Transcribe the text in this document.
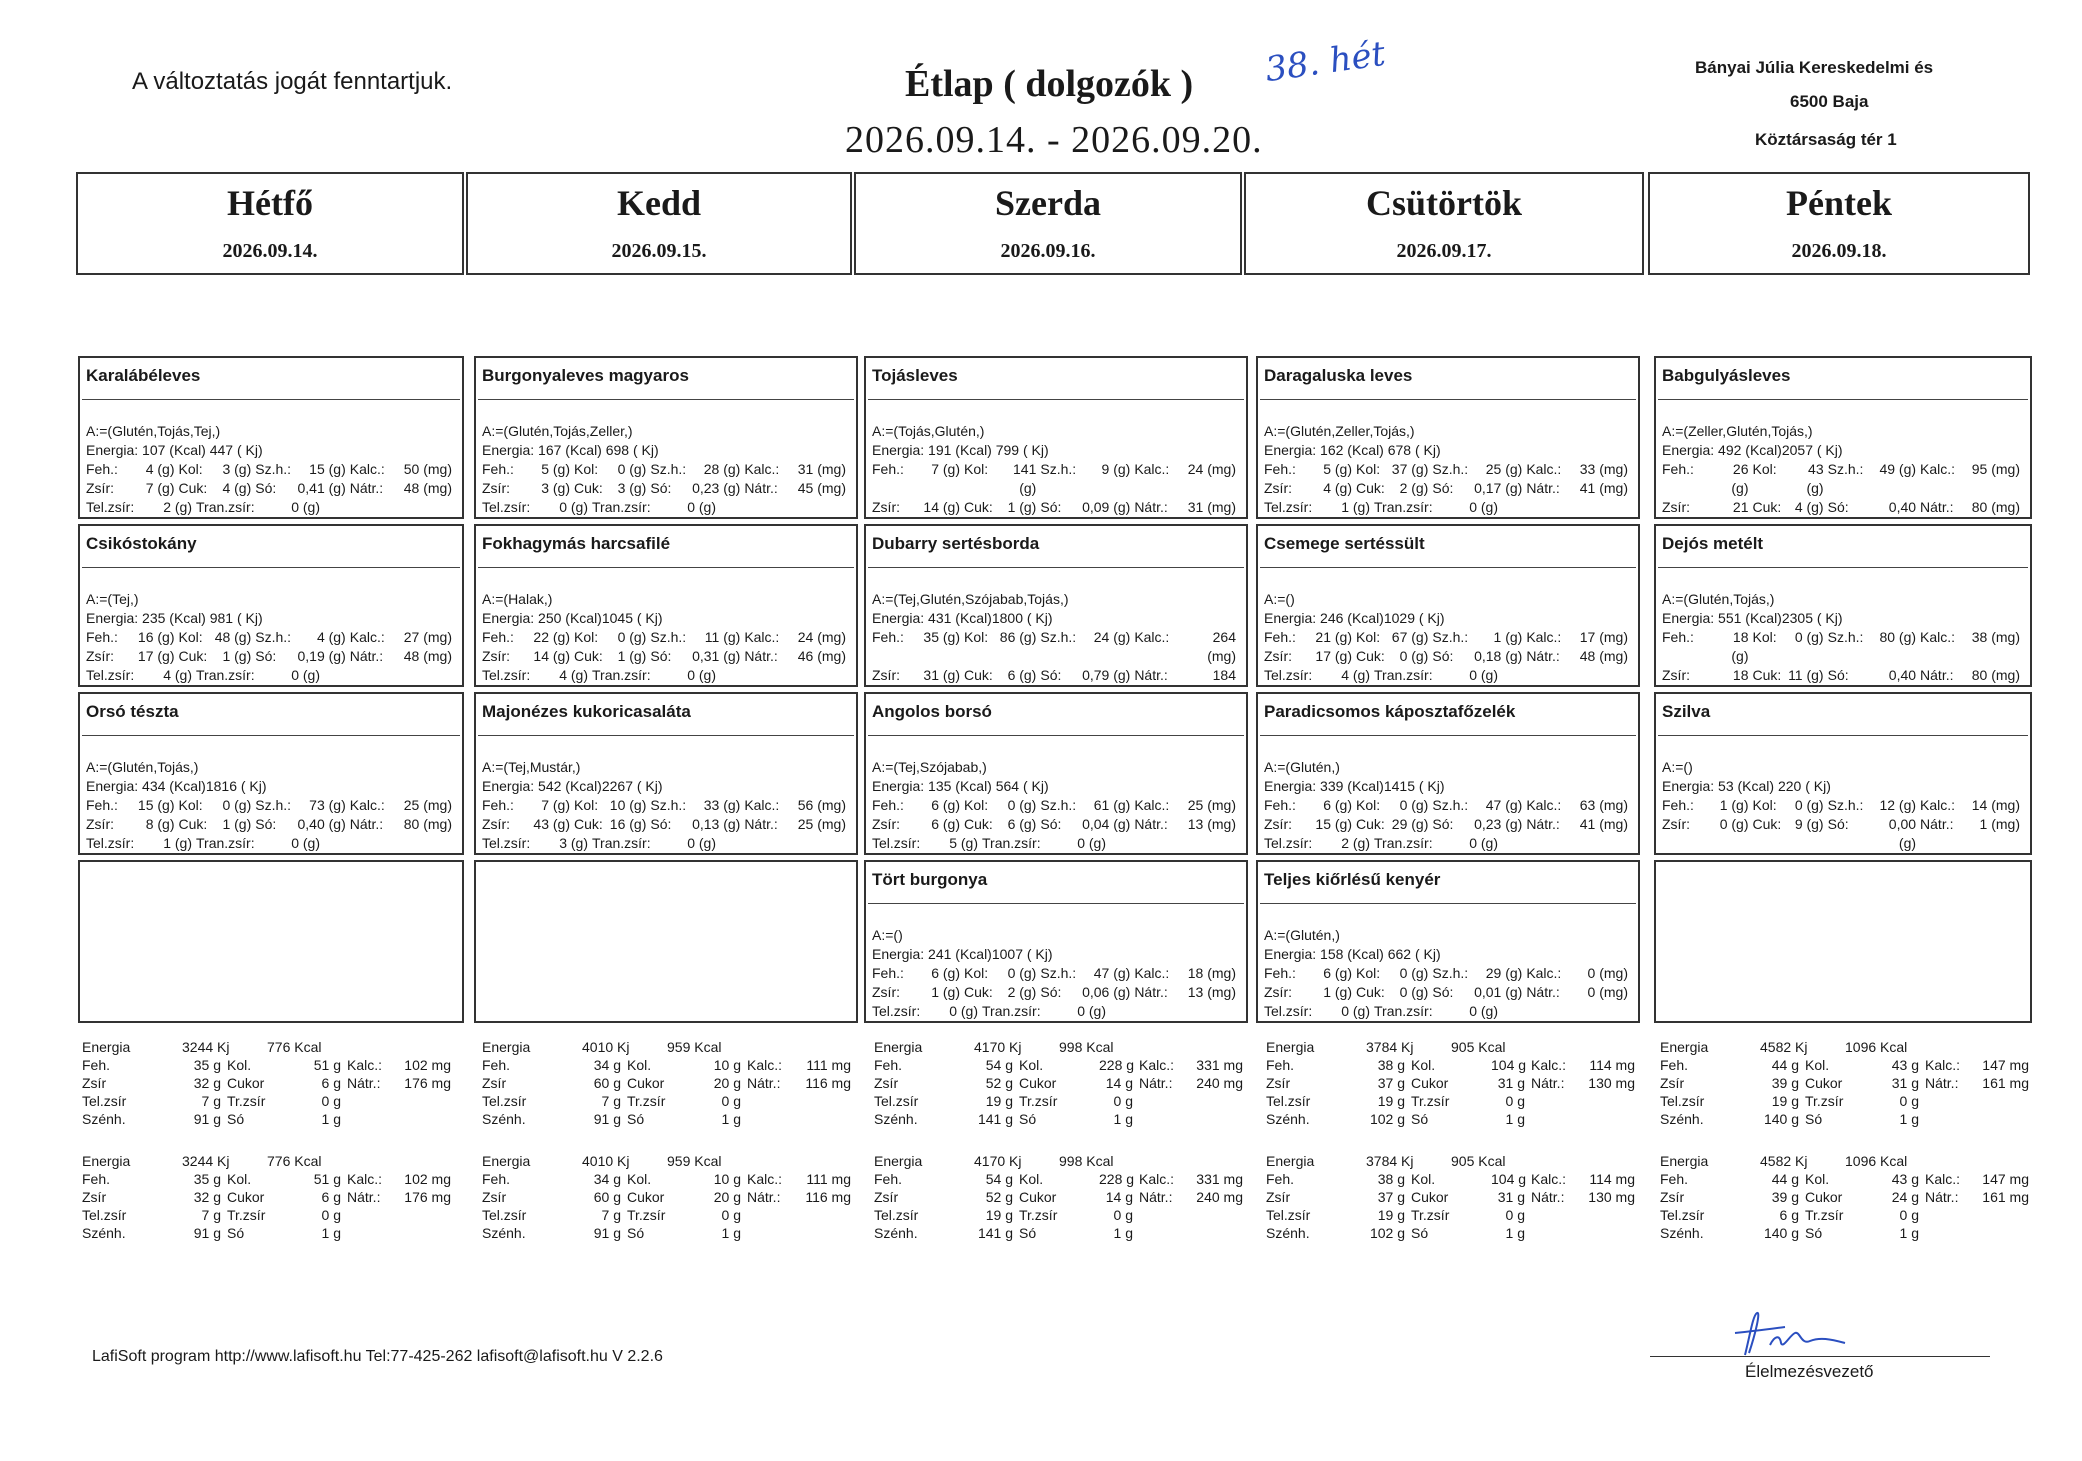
A változtatás jogát fenntartjuk.	Étlap ( dolgozók )
2026.09.14. - 2026.09.20.
38. hét	Bányai Júlia Kereskedelmi és
6500 Baja
Köztársaság tér 1
Hétfő
2026.09.14.
Kedd
2026.09.15.
Szerda
2026.09.16.
Csütörtök
2026.09.17.
Péntek
2026.09.18.
Karalábéleves
A:=(Glutén,Tojás,Tej,)
Energia: 107 (Kcal) 447 ( Kj)
Feh.:	4 (g) Kol:	3 (g) Sz.h.:	15 (g) Kalc.:	50 (mg)
Zsír:	7 (g) Cuk:	4 (g) Só:	0,41 (g) Nátr.:	48 (mg)
Tel.zsír:	2 (g) Tran.zsír:	0 (g)
Csikóstokány
A:=(Tej,)
Energia: 235 (Kcal) 981 ( Kj)
Feh.:	16 (g) Kol: 48 (g) Sz.h.:	4 (g) Kalc.:	27 (mg)
Zsír:	17 (g) Cuk:	1 (g) Só:	0,19 (g) Nátr.:	48 (mg)
Tel.zsír:	4 (g) Tran.zsír:	0 (g)
Orsó tészta
A:=(Glutén,Tojás,)
Energia: 434 (Kcal)1816 ( Kj)
Feh.:	15 (g) Kol:	0 (g) Sz.h.:	73 (g) Kalc.:	25 (mg)
Zsír:	8 (g) Cuk:	1 (g) Só:	0,40 (g) Nátr.:	80 (mg)
Tel.zsír:	1 (g) Tran.zsír:	0 (g)
Burgonyaleves magyaros
A:=(Glutén,Tojás,Zeller,)
Energia: 167 (Kcal) 698 ( Kj)
Feh.:	5 (g) Kol:	0 (g) Sz.h.:	28 (g) Kalc.:	31 (mg)
Zsír:	3 (g) Cuk:	3 (g) Só:	0,23 (g) Nátr.:	45 (mg)
Tel.zsír:	0 (g) Tran.zsír:	0 (g)
Fokhagymás harcsafilé
A:=(Halak,)
Energia: 250 (Kcal)1045 ( Kj)
Feh.:	22 (g) Kol:	0 (g) Sz.h.:	11 (g) Kalc.:	24 (mg)
Zsír:	14 (g) Cuk:	1 (g) Só:	0,31 (g) Nátr.:	46 (mg)
Tel.zsír:	4 (g) Tran.zsír:	0 (g)
Majonézes kukoricasaláta
A:=(Tej,Mustár,)
Energia: 542 (Kcal)2267 ( Kj)
Feh.:	7 (g) Kol: 10 (g) Sz.h.:	33 (g) Kalc.:	56 (mg)
Zsír:	43 (g) Cuk: 16 (g) Só:	0,13 (g) Nátr.:	25 (mg)
Tel.zsír:	3 (g) Tran.zsír:	0 (g)
Tojásleves
A:=(Tojás,Glutén,)
Energia: 191 (Kcal) 799 ( Kj)
Feh.:	7 (g) Kol:	141 (g)
Sz.h.:	9 (g) Kalc.:	24 (mg)
Zsír:	14 (g) Cuk:	1 (g) Só:	0,09 (g) Nátr.:	31 (mg)
Dubarry sertésborda
A:=(Tej,Glutén,Szójabab,Tojás,)
Energia: 431 (Kcal)1800 ( Kj)
Feh.:	35 (g) Kol: 86 (g) Sz.h.:	24 (g) Kalc.:	264 (mg)
Zsír:	31 (g) Cuk:	6 (g) Só:	0,79 (g) Nátr.:	184
Angolos borsó
A:=(Tej,Szójabab,)
Energia: 135 (Kcal) 564 ( Kj)
Feh.:	6 (g) Kol:	0 (g) Sz.h.:	61 (g) Kalc.:	25 (mg)
Zsír:	6 (g) Cuk:	6 (g) Só:	0,04 (g) Nátr.:	13 (mg)
Tel.zsír:	5 (g) Tran.zsír:	0 (g)
Tört burgonya
A:=()
Energia: 241 (Kcal)1007 ( Kj)
Feh.:	6 (g) Kol:	0 (g) Sz.h.:	47 (g) Kalc.:	18 (mg)
Zsír:	1 (g) Cuk:	2 (g) Só:	0,06 (g) Nátr.:	13 (mg)
Tel.zsír:	0 (g) Tran.zsír:	0 (g)
Daragaluska leves
A:=(Glutén,Zeller,Tojás,)
Energia: 162 (Kcal) 678 ( Kj)
Feh.:	5 (g) Kol: 37 (g) Sz.h.:	25 (g) Kalc.:	33 (mg)
Zsír:	4 (g) Cuk:	2 (g) Só:	0,17 (g) Nátr.:	41 (mg)
Tel.zsír:	1 (g) Tran.zsír:	0 (g)
Csemege sertéssült
A:=()
Energia: 246 (Kcal)1029 ( Kj)
Feh.:	21 (g) Kol: 67 (g) Sz.h.:	1 (g) Kalc.:	17 (mg)
Zsír:	17 (g) Cuk:	0 (g) Só:	0,18 (g) Nátr.:	48 (mg)
Tel.zsír:	4 (g) Tran.zsír:	0 (g)
Paradicsomos káposztafőzelék
A:=(Glutén,)
Energia: 339 (Kcal)1415 ( Kj)
Feh.:	6 (g) Kol:	0 (g) Sz.h.:	47 (g) Kalc.:	63 (mg)
Zsír:	15 (g) Cuk: 29 (g) Só:	0,23 (g) Nátr.:	41 (mg)
Tel.zsír:	2 (g) Tran.zsír:	0 (g)
Teljes kiőrlésű kenyér
A:=(Glutén,)
Energia: 158 (Kcal) 662 ( Kj)
Feh.:	6 (g) Kol:	0 (g) Sz.h.:	29 (g) Kalc.:	0 (mg)
Zsír:	1 (g) Cuk:	0 (g) Só:	0,01 (g) Nátr.:	0 (mg)
Tel.zsír:	0 (g) Tran.zsír:	0 (g)
Babgulyásleves
A:=(Zeller,Glutén,Tojás,)
Energia: 492 (Kcal)2057 ( Kj)
Feh.:	26 (g)
Kol:	43 (g)
Sz.h.:	49 (g) Kalc.:	95 (mg)
Zsír:	21 Cuk: 4 (g) Só:	0,40 Nátr.:	80 (mg)
Dejós metélt
A:=(Glutén,Tojás,)
Energia: 551 (Kcal)2305 ( Kj)
Feh.:	18 (g)
Kol:	0 (g) Sz.h.:	80 (g) Kalc.:	38 (mg)
Zsír:	18 Cuk: 11 (g) Só:	0,40 Nátr.:	80 (mg)
Szilva
A:=()
Energia: 53 (Kcal) 220 ( Kj)
Feh.:	1 (g) Kol:	0 (g) Sz.h.:	12 (g) Kalc.:	14 (mg)
Zsír:	0 (g) Cuk: 9 (g) Só:	0,00 (g)
Nátr.:	1 (mg)
Energia	3244 Kj	776 Kcal
Feh.	35 g Kol.	51 g Kalc.:	102 mg
Zsír	32 g Cukor	6 g Nátr.:	176 mg
Tel.zsír	7 g Tr.zsír	0 g
Szénh.	91 g Só	1 g
Energia	4010 Kj	959 Kcal
Feh.	34 g Kol.	10 g Kalc.:	111 mg
Zsír	60 g Cukor	20 g Nátr.:	116 mg
Tel.zsír	7 g Tr.zsír	0 g
Szénh.	91 g Só	1 g
Energia	4170 Kj	998 Kcal
Feh.	54 g Kol.	228 g Kalc.:	331 mg
Zsír	52 g Cukor	14 g Nátr.:	240 mg
Tel.zsír	19 g Tr.zsír	0 g
Szénh.	141 g Só	1 g
Energia	3784 Kj	905 Kcal
Feh.	38 g Kol.	104 g Kalc.:	114 mg
Zsír	37 g Cukor	31 g Nátr.:	130 mg
Tel.zsír	19 g Tr.zsír	0 g
Szénh.	102 g Só	1 g
Energia	4582 Kj	1096 Kcal
Feh.	44 g Kol.	43 g Kalc.:	147 mg
Zsír	39 g Cukor	31 g Nátr.:	161 mg
Tel.zsír	19 g Tr.zsír	0 g
Szénh.	140 g Só	1 g
Energia	3244 Kj	776 Kcal
Feh.	35 g Kol.	51 g Kalc.:	102 mg
Zsír	32 g Cukor	6 g Nátr.:	176 mg
Tel.zsír	7 g Tr.zsír	0 g
Szénh.	91 g Só	1 g
Energia	4010 Kj	959 Kcal
Feh.	34 g Kol.	10 g Kalc.:	111 mg
Zsír	60 g Cukor	20 g Nátr.:	116 mg
Tel.zsír	7 g Tr.zsír	0 g
Szénh.	91 g Só	1 g
Energia	4170 Kj	998 Kcal
Feh.	54 g Kol.	228 g Kalc.:	331 mg
Zsír	52 g Cukor	14 g Nátr.:	240 mg
Tel.zsír	19 g Tr.zsír	0 g
Szénh.	141 g Só	1 g
Energia	3784 Kj	905 Kcal
Feh.	38 g Kol.	104 g Kalc.:	114 mg
Zsír	37 g Cukor	31 g Nátr.:	130 mg
Tel.zsír	19 g Tr.zsír	0 g
Szénh.	102 g Só	1 g
Energia	4582 Kj	1096 Kcal
Feh.	44 g Kol.	43 g Kalc.:	147 mg
Zsír	39 g Cukor	24 g Nátr.:	161 mg
Tel.zsír	6 g Tr.zsír	0 g
Szénh.	140 g Só	1 g
LafiSoft program http://www.lafisoft.hu Tel:77-425-262 lafisoft@lafisoft.hu V 2.2.6
Élelmezésvezető
